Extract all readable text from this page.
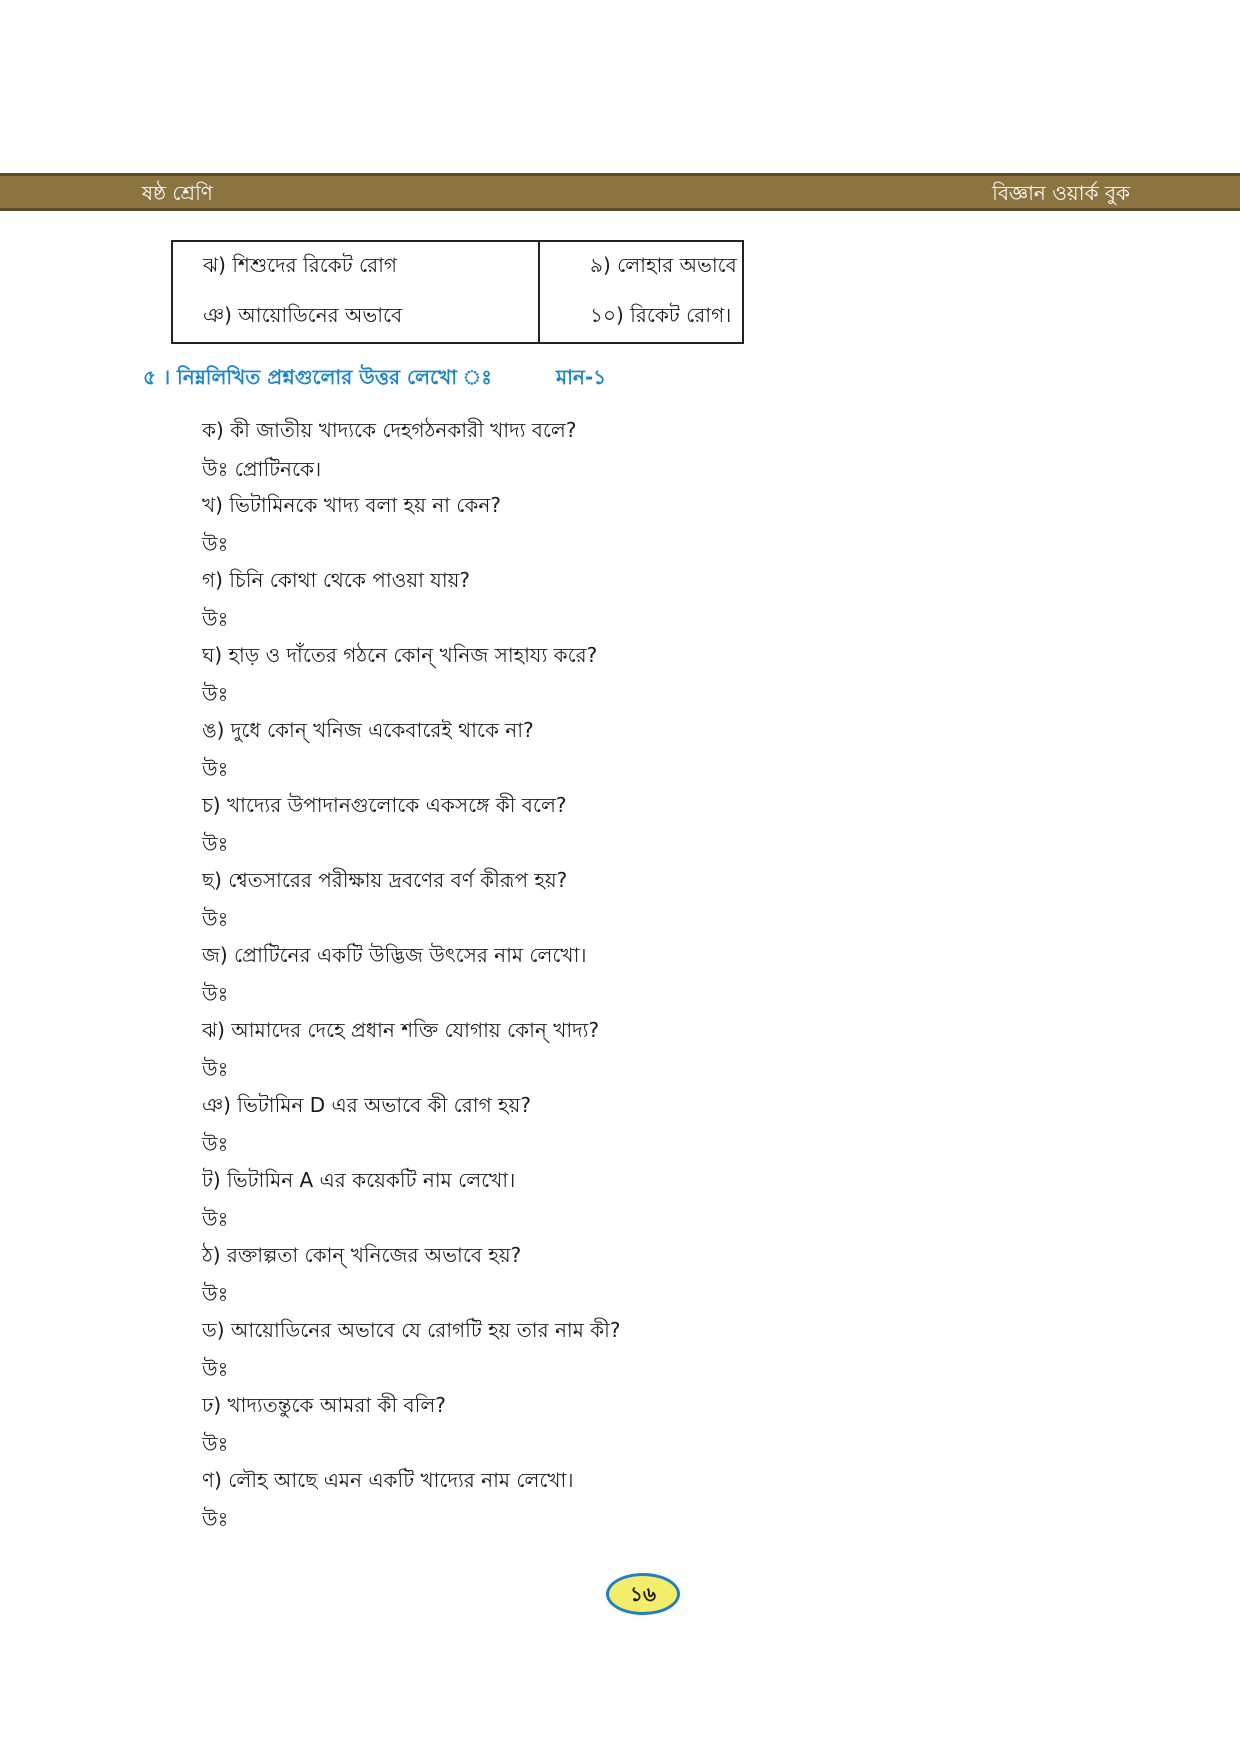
ষষ্ঠ শ্রেণি	বিজ্ঞান ওয়ার্ক বুক
ঝ) শিশুদের রিকেট রোগ	৯) লোহার অভাবে
ঞ) আয়োডিনের অভাবে	১০) রিকেট রোগ।
৫ । নিম্নলিখিত প্রশ্নগুলোর উত্তর লেখো ঃ	মান-১
ক) কী জাতীয় খাদ্যকে দেহগঠনকারী খাদ্য বলে?
উঃ প্রোটিনকে।
খ) ভিটামিনকে খাদ্য বলা হয় না কেন?
উঃ
গ) চিনি কোথা থেকে পাওয়া যায়?
উঃ
ঘ) হাড় ও দাঁতের গঠনে কোন্ খনিজ সাহায্য করে?
উঃ
ঙ) দুধে কোন্ খনিজ একেবারেই থাকে না?
উঃ
চ) খাদ্যের উপাদানগুলোকে একসঙ্গে কী বলে?
উঃ
ছ) শ্বেতসারের পরীক্ষায় দ্রবণের বর্ণ কীরূপ হয়?
উঃ
জ) প্রোটিনের একটি উদ্ভিজ উৎসের নাম লেখো।
উঃ
ঝ) আমাদের দেহে প্রধান শক্তি যোগায় কোন্ খাদ্য?
উঃ
ঞ) ভিটামিন D এর অভাবে কী রোগ হয়?
উঃ
ট) ভিটামিন A এর কয়েকটি নাম লেখো।
উঃ
ঠ) রক্তাল্পতা কোন্ খনিজের অভাবে হয়?
উঃ
ড) আয়োডিনের অভাবে যে রোগটি হয় তার নাম কী?
উঃ
ঢ) খাদ্যতন্তুকে আমরা কী বলি?
উঃ
ণ) লৌহ আছে এমন একটি খাদ্যের নাম লেখো।
উঃ
১৬
